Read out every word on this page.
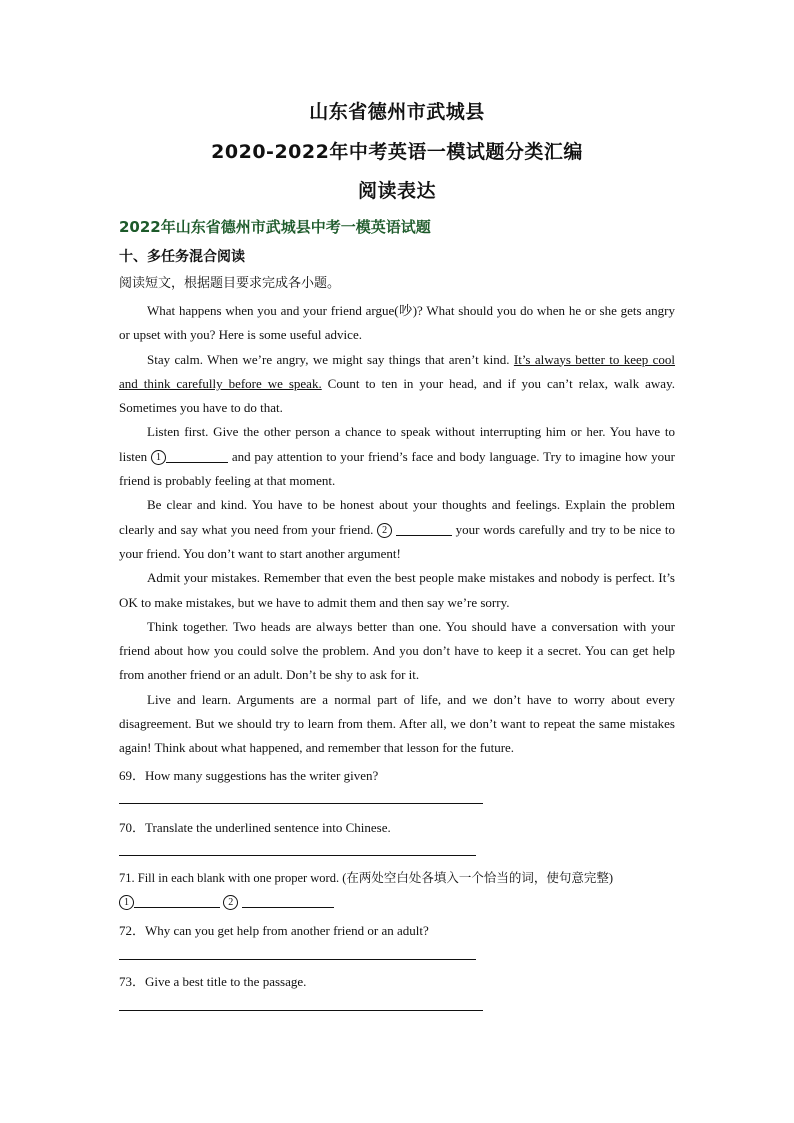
山东省德州市武城县
2020-2022年中考英语一模试题分类汇编
阅读表达
2022年山东省德州市武城县中考一模英语试题
十、多任务混合阅读
阅读短文，根据题目要求完成各小题。

What happens when you and your friend argue(吵)? What should you do when he or she gets angry or upset with you? Here is some useful advice.

Stay calm. When we’re angry, we might say things that aren’t kind. It’s always better to keep cool and think carefully before we speak. Count to ten in your head, and if you can’t relax, walk away. Sometimes you have to do that.

Listen first. Give the other person a chance to speak without interrupting him or her. You have to listen 1	and pay attention to your friend’s face and body language. Try to imagine how your friend is probably feeling at that moment.

Be clear and kind. You have to be honest about your thoughts and feelings. Explain the problem clearly and say what you need from your friend. 2	your words carefully and try to be nice to your friend. You don’t want to start another argument!

Admit your mistakes. Remember that even the best people make mistakes and nobody is perfect. It’s OK to make mistakes, but we have to admit them and then say we’re sorry.

Think together. Two heads are always better than one. You should have a conversation with your friend about how you could solve the problem. And you don’t have to keep it a secret. You can get help from another friend or an adult. Don’t be shy to ask for it.

Live and learn. Arguments are a normal part of life, and we don’t have to worry about every disagreement. But we should try to learn from them. After all, we don’t want to repeat the same mistakes again! Think about what happened, and remember that lesson for the future.

69．How many suggestions has the writer given?
70．Translate the underlined sentence into Chinese.
71. Fill in each blank with one proper word. (在两处空白处各填入一个恰当的词，使句意完整)
1	2
72．Why can you get help from another friend or an adult?
73．Give a best title to the passage.
